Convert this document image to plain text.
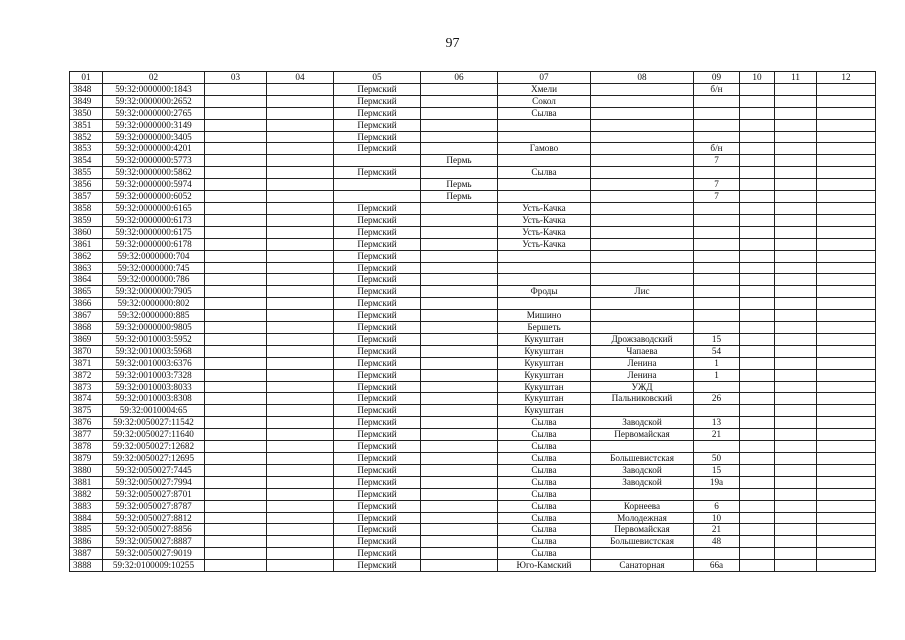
97
01	02	03	04	05	06	07	08	09	10	11	12
3848	59:32:0000000:1843			Пермский		Хмели		б/н			
3849	59:32:0000000:2652			Пермский		Сокол					
3850	59:32:0000000:2765			Пермский		Сылва					
3851	59:32:0000000:3149			Пермский							
3852	59:32:0000000:3405			Пермский							
3853	59:32:0000000:4201			Пермский		Гамово		б/н			
3854	59:32:0000000:5773				Пермь			7			
3855	59:32:0000000:5862			Пермский		Сылва					
3856	59:32:0000000:5974				Пермь			7			
3857	59:32:0000000:6052				Пермь			7			
3858	59:32:0000000:6165			Пермский		Усть-Качка					
3859	59:32:0000000:6173			Пермский		Усть-Качка					
3860	59:32:0000000:6175			Пермский		Усть-Качка					
3861	59:32:0000000:6178			Пермский		Усть-Качка					
3862	59:32:0000000:704			Пермский							
3863	59:32:0000000:745			Пермский							
3864	59:32:0000000:786			Пермский							
3865	59:32:0000000:7905			Пермский		Фроды	Лис				
3866	59:32:0000000:802			Пермский							
3867	59:32:0000000:885			Пермский		Мишино					
3868	59:32:0000000:9805			Пермский		Бершеть					
3869	59:32:0010003:5952			Пермский		Кукуштан	Дрожзаводский	15			
3870	59:32:0010003:5968			Пермский		Кукуштан	Чапаева	54			
3871	59:32:0010003:6376			Пермский		Кукуштан	Ленина	1			
3872	59:32:0010003:7328			Пермский		Кукуштан	Ленина	1			
3873	59:32:0010003:8033			Пермский		Кукуштан	УЖД				
3874	59:32:0010003:8308			Пермский		Кукуштан	Пальниковский	26			
3875	59:32:0010004:65			Пермский		Кукуштан					
3876	59:32:0050027:11542			Пермский		Сылва	Заводской	13			
3877	59:32:0050027:11640			Пермский		Сылва	Первомайская	21			
3878	59:32:0050027:12682			Пермский		Сылва					
3879	59:32:0050027:12695			Пермский		Сылва	Большевистская	50			
3880	59:32:0050027:7445			Пермский		Сылва	Заводской	15			
3881	59:32:0050027:7994			Пермский		Сылва	Заводской	19а			
3882	59:32:0050027:8701			Пермский		Сылва					
3883	59:32:0050027:8787			Пермский		Сылва	Корнеева	6			
3884	59:32:0050027:8812			Пермский		Сылва	Молодежная	10			
3885	59:32:0050027:8856			Пермский		Сылва	Первомайская	21			
3886	59:32:0050027:8887			Пермский		Сылва	Большевистская	48			
3887	59:32:0050027:9019			Пермский		Сылва					
3888	59:32:0100009:10255			Пермский		Юго-Камский	Санаторная	66а			
